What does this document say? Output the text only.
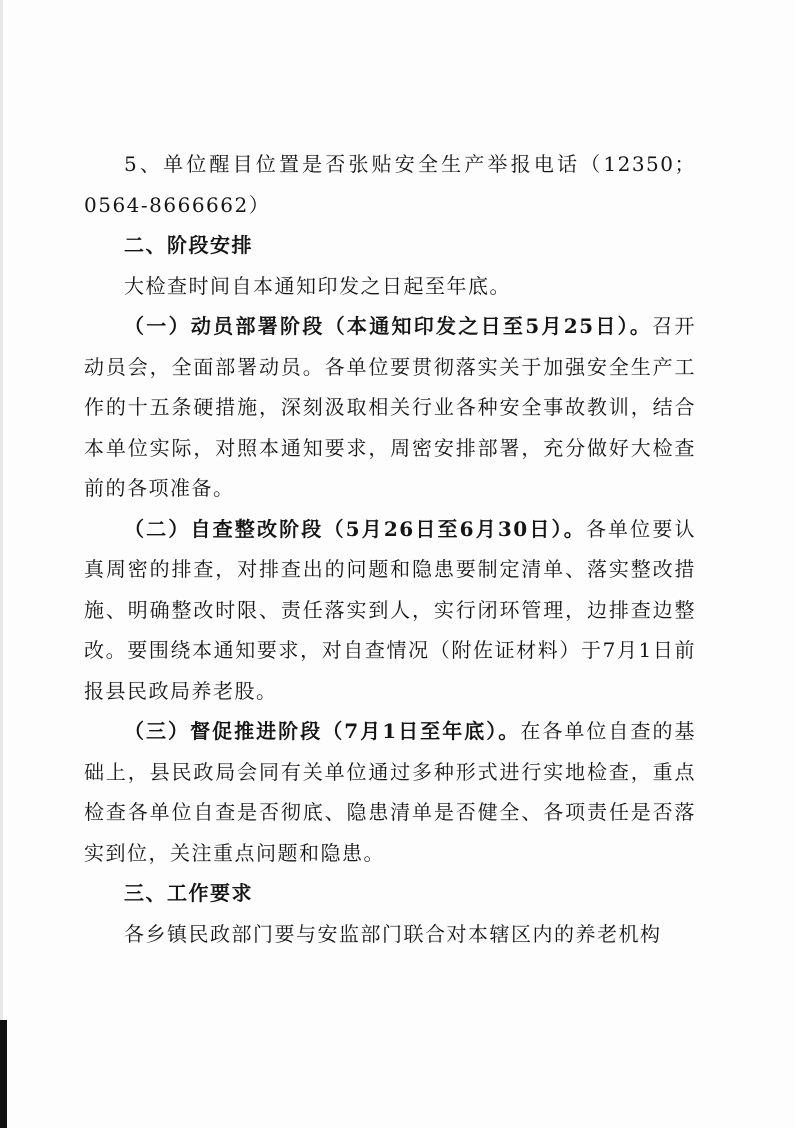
5、单位醒目位置是否张贴安全生产举报电话（12350；0564-8666662）

二、阶段安排

大检查时间自本通知印发之日起至年底。

（一）动员部署阶段（本通知印发之日至5月25日）。召开动员会，全面部署动员。各单位要贯彻落实关于加强安全生产工作的十五条硬措施，深刻汲取相关行业各种安全事故教训，结合本单位实际，对照本通知要求，周密安排部署，充分做好大检查前的各项准备。

（二）自查整改阶段（5月26日至6月30日）。各单位要认真周密的排查，对排查出的问题和隐患要制定清单、落实整改措施、明确整改时限、责任落实到人，实行闭环管理，边排查边整改。要围绕本通知要求，对自查情况（附佐证材料）于7月1日前报县民政局养老股。

（三）督促推进阶段（7月1日至年底）。在各单位自查的基础上，县民政局会同有关单位通过多种形式进行实地检查，重点检查各单位自查是否彻底、隐患清单是否健全、各项责任是否落实到位，关注重点问题和隐患。

三、工作要求

各乡镇民政部门要与安监部门联合对本辖区内的养老机构
